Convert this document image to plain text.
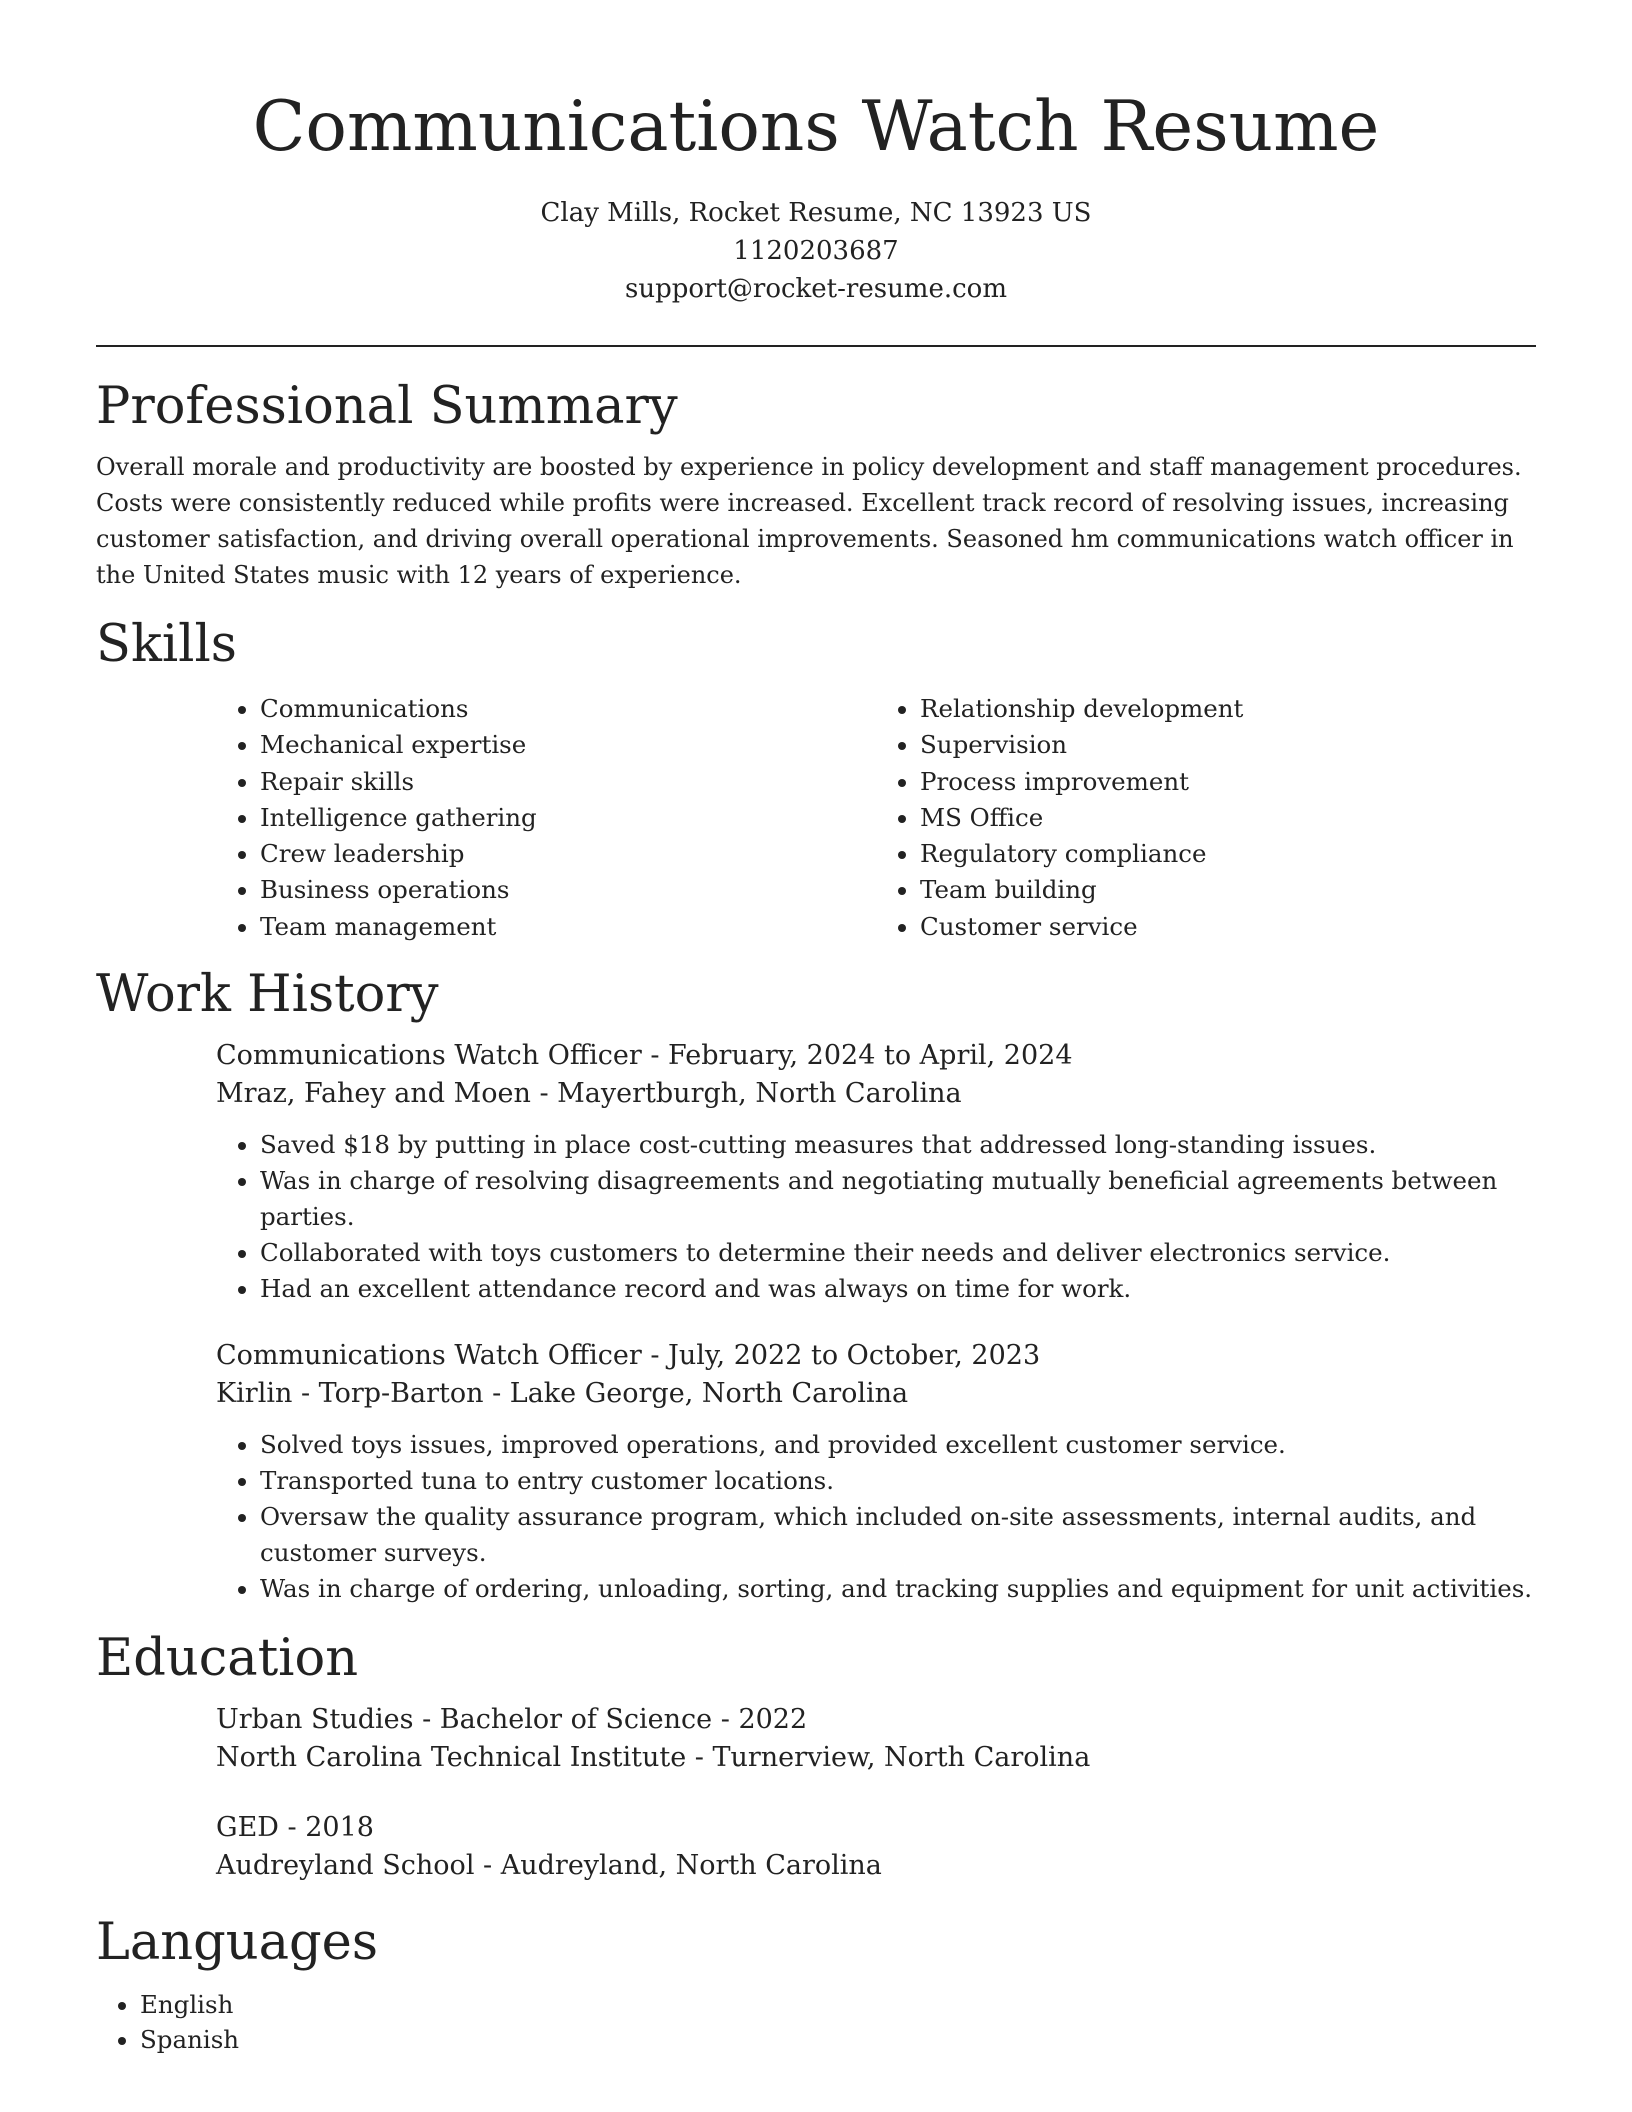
Communications Watch Resume
Clay Mills, Rocket Resume, NC 13923 US
1120203687
support@rocket-resume.com
Professional Summary

Overall morale and productivity are boosted by experience in policy development and staff management procedures. Costs were consistently reduced while profits were increased. Excellent track record of resolving issues, increasing customer satisfaction, and driving overall operational improvements. Seasoned hm communications watch officer in the United States music with 12 years of experience.

Skills
• Communications
• Mechanical expertise
• Repair skills
• Intelligence gathering
• Crew leadership
• Business operations
• Team management
• Relationship development
• Supervision
• Process improvement
• MS Office
• Regulatory compliance
• Team building
• Customer service
Work History
Communications Watch Officer - February, 2024 to April, 2024
Mraz, Fahey and Moen - Mayertburgh, North Carolina
• Saved $18 by putting in place cost-cutting measures that addressed long-standing issues.
• Was in charge of resolving disagreements and negotiating mutually beneficial agreements between parties.
• Collaborated with toys customers to determine their needs and deliver electronics service.
• Had an excellent attendance record and was always on time for work.
Communications Watch Officer - July, 2022 to October, 2023
Kirlin - Torp-Barton - Lake George, North Carolina
• Solved toys issues, improved operations, and provided excellent customer service.
• Transported tuna to entry customer locations.
• Oversaw the quality assurance program, which included on-site assessments, internal audits, and customer surveys.
• Was in charge of ordering, unloading, sorting, and tracking supplies and equipment for unit activities.
Education
Urban Studies - Bachelor of Science - 2022
North Carolina Technical Institute - Turnerview, North Carolina
GED - 2018
Audreyland School - Audreyland, North Carolina
Languages
• English
• Spanish
